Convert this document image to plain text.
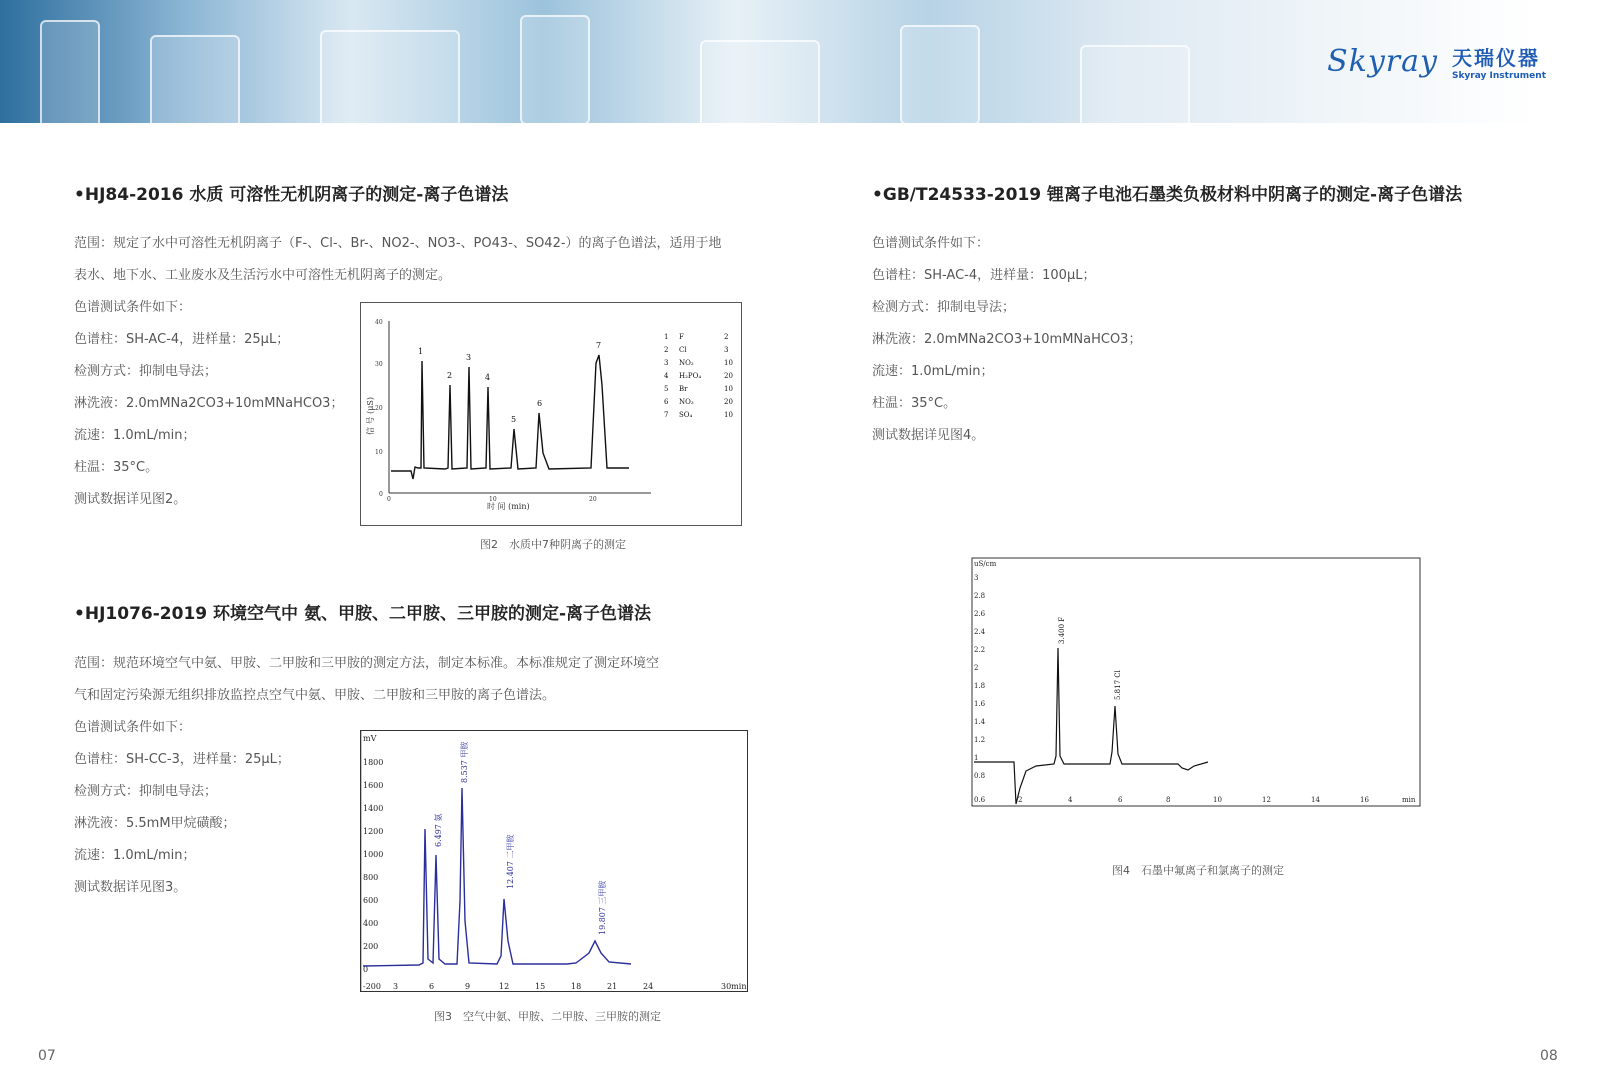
Skyray 天瑞仪器
Skyray Instrument
•HJ84-2016 水质 可溶性无机阴离子的测定-离子色谱法
范围：规定了水中可溶性无机阴离子（F-、Cl-、Br-、NO2-、NO3-、PO43-、SO42-）的离子色谱法，适用于地
表水、地下水、工业废水及生活污水中可溶性无机阴离子的测定。
色谱测试条件如下：
色谱柱：SH-AC-4，进样量：25μL；
检测方式：抑制电导法；
淋洗液：2.0mMNa2CO3+10mMNaHCO3；
流速：1.0mL/min；
柱温：35°C。
测试数据详见图2。	0
10
20
30
40
0	10	20
信 号 (μS)
时 间 (min)
1
2
3
4
5
6
7
1 F	2
2 Cl	3
3 NO₂	10
4 H₂PO₄	20
5 Br	10
6 NO₃	20
7 SO₄	10
图2　水质中7种阴离子的测定
•HJ1076-2019 环境空气中 氨、甲胺、二甲胺、三甲胺的测定-离子色谱法
范围：规范环境空气中氨、甲胺、二甲胺和三甲胺的测定方法，制定本标准。本标准规定了测定环境空
气和固定污染源无组织排放监控点空气中氨、甲胺、二甲胺和三甲胺的离子色谱法。
色谱测试条件如下：
色谱柱：SH-CC-3，进样量：25μL；
检测方式：抑制电导法；
淋洗液：5.5mM甲烷磺酸；
流速：1.0mL/min；
测试数据详见图3。
mV
1800
1600
1400
1200
1000
800
600
400
200
0
-200 3	6	9	12	15	18	21	24	30min
6.497 氨
8.537 甲胺
12.407 二甲胺
19.807 三甲胺
图3　空气中氨、甲胺、二甲胺、三甲胺的测定
07
•GB/T24533-2019 锂离子电池石墨类负极材料中阴离子的测定-离子色谱法
色谱测试条件如下：
色谱柱：SH-AC-4，进样量：100μL；
检测方式：抑制电导法；
淋洗液：2.0mMNa2CO3+10mMNaHCO3；
流速：1.0mL/min；
柱温：35°C。
测试数据详见图4。
uS/cm
3
2.8
2.6
2.4
2.2
2
1.8
1.6
1.4
1.2
1
0.8
0.6	2	4	6	8	10	12	14	16	min
3.400 F
5.817 Cl
图4　石墨中氟离子和氯离子的测定
08
